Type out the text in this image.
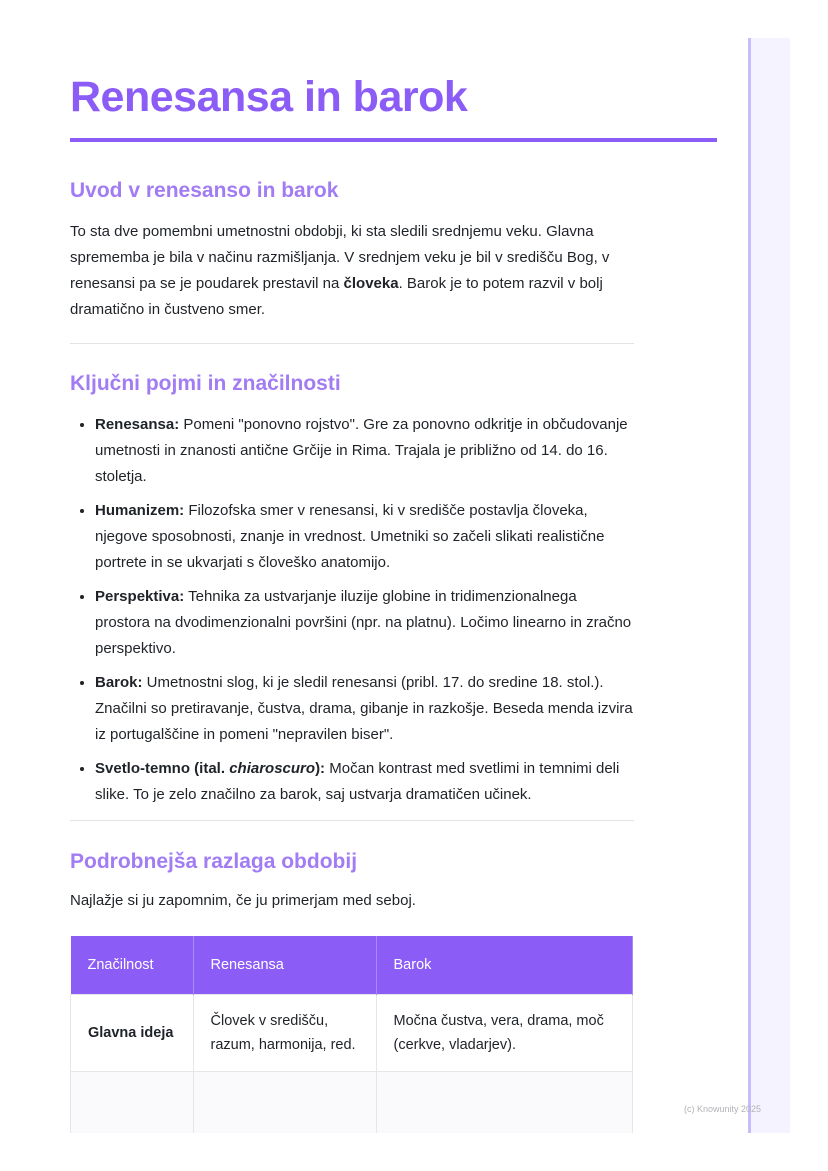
Renesansa in barok
Uvod v renesanso in barok

To sta dve pomembni umetnostni obdobji, ki sta sledili srednjemu veku. Glavna sprememba je bila v načinu razmišljanja. V srednjem veku je bil v središču Bog, v renesansi pa se je poudarek prestavil na človeka. Barok je to potem razvil v bolj dramatično in čustveno smer.

Ključni pojmi in značilnosti
• Renesansa: Pomeni "ponovno rojstvo". Gre za ponovno odkritje in občudovanje umetnosti in znanosti antične Grčije in Rima. Trajala je približno od 14. do 16. stoletja.
• Humanizem: Filozofska smer v renesansi, ki v središče postavlja človeka, njegove sposobnosti, znanje in vrednost. Umetniki so začeli slikati realistične portrete in se ukvarjati s človeško anatomijo.
• Perspektiva: Tehnika za ustvarjanje iluzije globine in tridimenzionalnega prostora na dvodimenzionalni površini (npr. na platnu). Ločimo linearno in zračno perspektivo.
• Barok: Umetnostni slog, ki je sledil renesansi (pribl. 17. do sredine 18. stol.). Značilni so pretiravanje, čustva, drama, gibanje in razkošje. Beseda menda izvira iz portugalščine in pomeni "nepravilen biser".
• Svetlo-temno (ital. chiaroscuro): Močan kontrast med svetlimi in temnimi deli slike. To je zelo značilno za barok, saj ustvarja dramatičen učinek.
Podrobnejša razlaga obdobij

Najlažje si ju zapomnim, če ju primerjam med seboj.

Značilnost	Renesansa	Barok
Glavna ideja	Človek v središču, razum, harmonija, red.	Močna čustva, vera, drama, moč (cerkve, vladarjev).

(c) Knowunity 2025
